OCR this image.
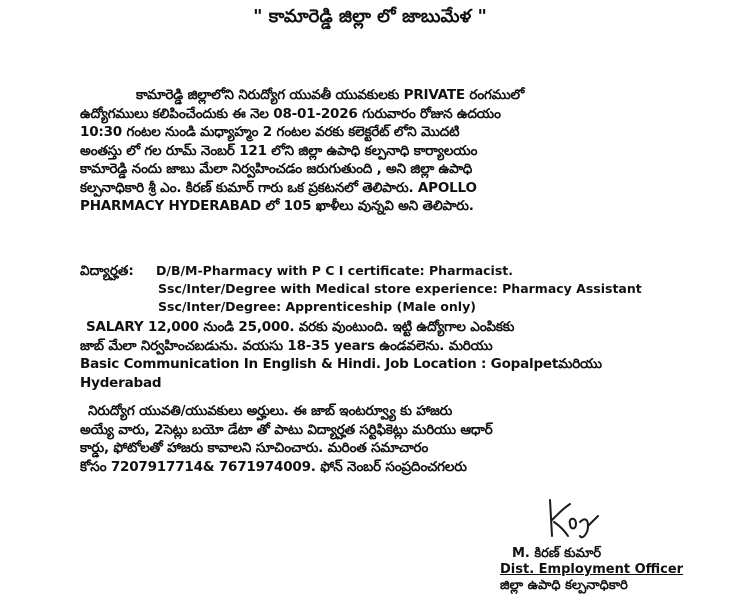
" కామారెడ్డి జిల్లా లో జాబుమేళ "
కామారెడ్డి జిల్లాలోని నిరుద్యోగ యువతీ యువకులకు PRIVATE రంగములో
ఉద్యోగములు కలిపించేందుకు ఈ నెల 08-01-2026 గురువారం రోజున ఉదయం
10:30 గంటల నుండి మధ్యాహ్మం 2 గంటల వరకు కలెక్టరేట్ లోని మొదటి
అంతస్తు లో గల రూమ్ నెంబర్ 121 లోని జిల్లా ఉపాధి కల్పనాధి కార్యాలయం
కామారెడ్డి నందు జాబు మేలా నిర్వహించడం జరుగుతుంది , అని జిల్లా ఉపాధి
కల్పనాధికారి శ్రీ ఎం. కిరణ్ కుమార్ గారు ఒక ప్రకటనలో తెలిపారు. APOLLO
PHARMACY HYDERABAD లో 105 ఖాళీలు వున్నవి అని తెలిపారు.
విద్యార్హత: D/B/M-Pharmacy with P C I certificate: Pharmacist.
Ssc/Inter/Degree with Medical store experience: Pharmacy Assistant
Ssc/Inter/Degree: Apprenticeship (Male only)
SALARY 12,000 నుండి 25,000. వరకు వుంటుంది. ఇట్టి ఉద్యోగాల ఎంపికకు
జాబ్ మేలా నిర్వహించబడును. వయసు 18-35 years ఉండవలెను. మరియు
Basic Communication In English & Hindi. Job Location : Gopalpetమరియు
Hyderabad
నిరుద్యోగ యువతి/యువకులు అర్హులు. ఈ జాబ్ ఇంటర్వ్యూ కు హాజరు
అయ్యే వారు, 2సెట్లు బయో డేటా తో పాటు విద్యార్హత సర్టిఫికెట్లు మరియు ఆధార్
కార్డు, ఫోటోలతో హాజరు కావాలని సూచించారు. మరింత సమాచారం
కోసం 7207917714& 7671974009. ఫోన్ నెంబర్ సంప్రదించగలరు
M. కిరణ్ కుమార్
Dist. Employment Officer
జిల్లా ఉపాధి కల్పనాధికారి
